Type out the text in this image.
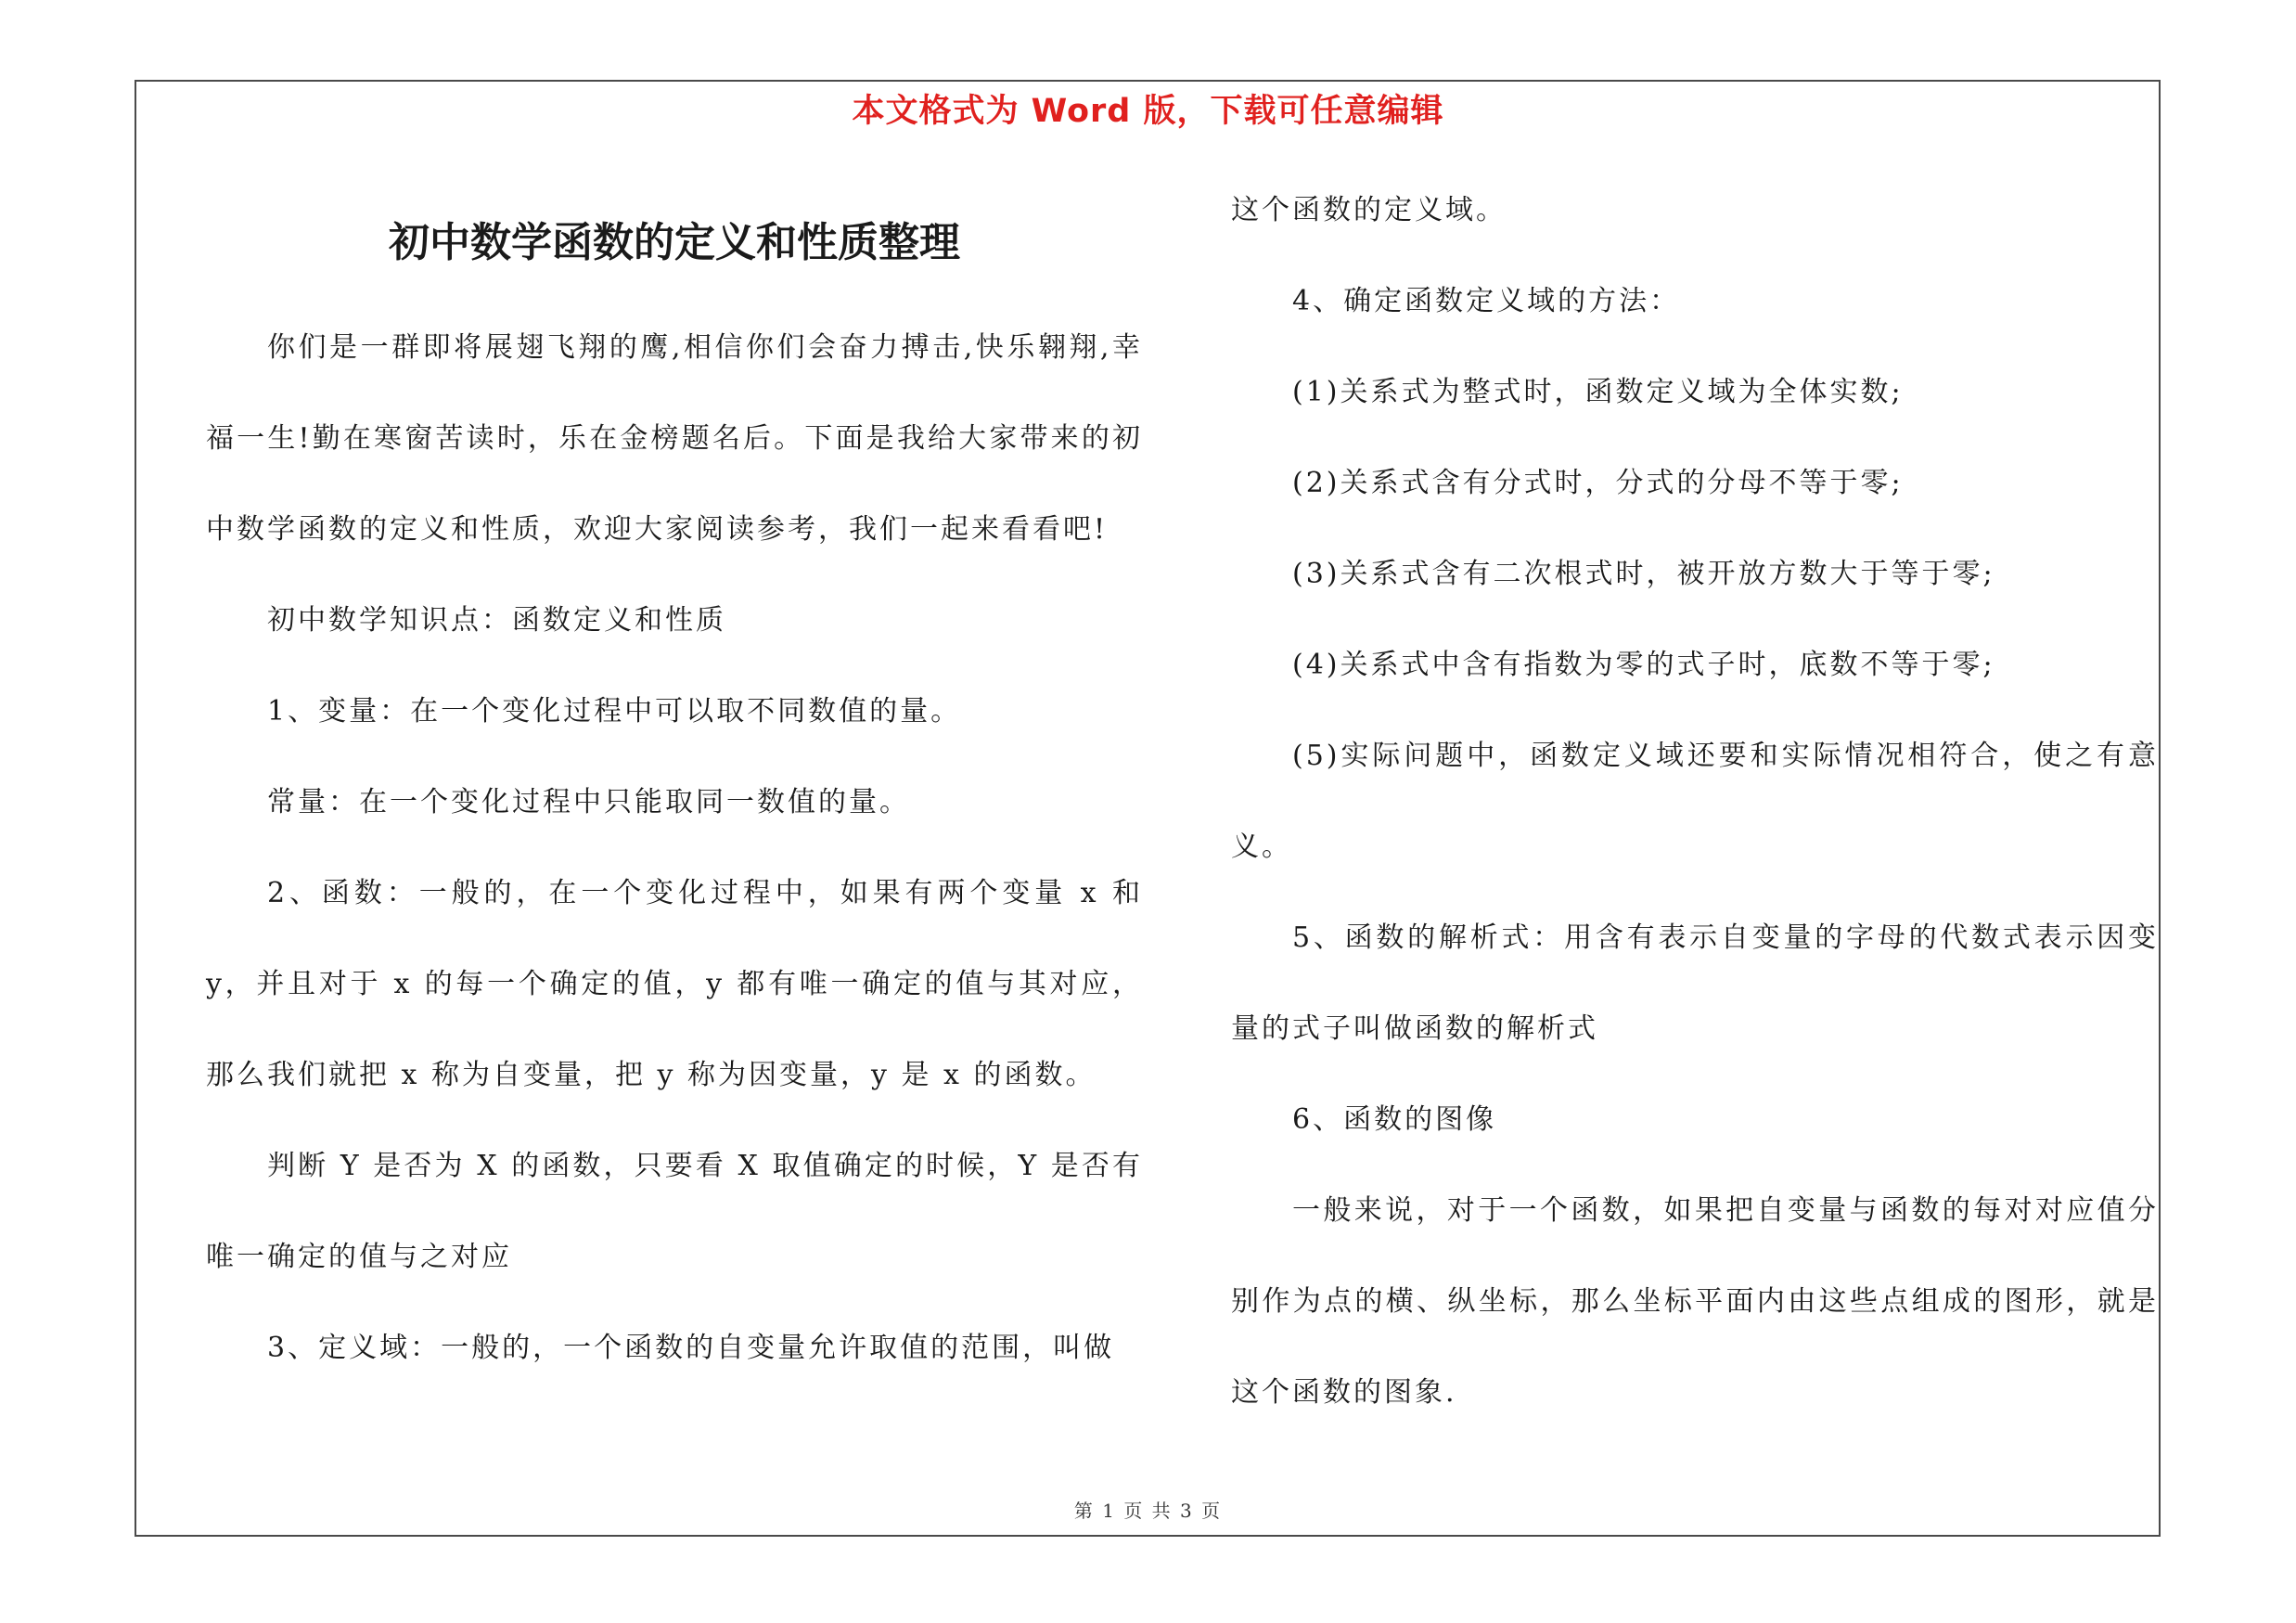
本文格式为 Word 版，下载可任意编辑
初中数学函数的定义和性质整理

你们是一群即将展翅飞翔的鹰,相信你们会奋力搏击,快乐翱翔,幸福一生!勤在寒窗苦读时，乐在金榜题名后。下面是我给大家带来的初中数学函数的定义和性质，欢迎大家阅读参考，我们一起来看看吧!

初中数学知识点：函数定义和性质

1、变量：在一个变化过程中可以取不同数值的量。

常量：在一个变化过程中只能取同一数值的量。

2、函数：一般的，在一个变化过程中，如果有两个变量 x 和 y，并且对于 x 的每一个确定的值，y 都有唯一确定的值与其对应，那么我们就把 x 称为自变量，把 y 称为因变量，y 是 x 的函数。

判断 Y 是否为 X 的函数，只要看 X 取值确定的时候，Y 是否有唯一确定的值与之对应

3、定义域：一般的，一个函数的自变量允许取值的范围，叫做

这个函数的定义域。

4、确定函数定义域的方法：

(1)关系式为整式时，函数定义域为全体实数;

(2)关系式含有分式时，分式的分母不等于零;

(3)关系式含有二次根式时，被开放方数大于等于零;

(4)关系式中含有指数为零的式子时，底数不等于零;

(5)实际问题中，函数定义域还要和实际情况相符合，使之有意义。

5、函数的解析式：用含有表示自变量的字母的代数式表示因变量的式子叫做函数的解析式

6、函数的图像

一般来说，对于一个函数，如果把自变量与函数的每对对应值分别作为点的横、纵坐标，那么坐标平面内由这些点组成的图形，就是这个函数的图象.

第 1 页 共 3 页
